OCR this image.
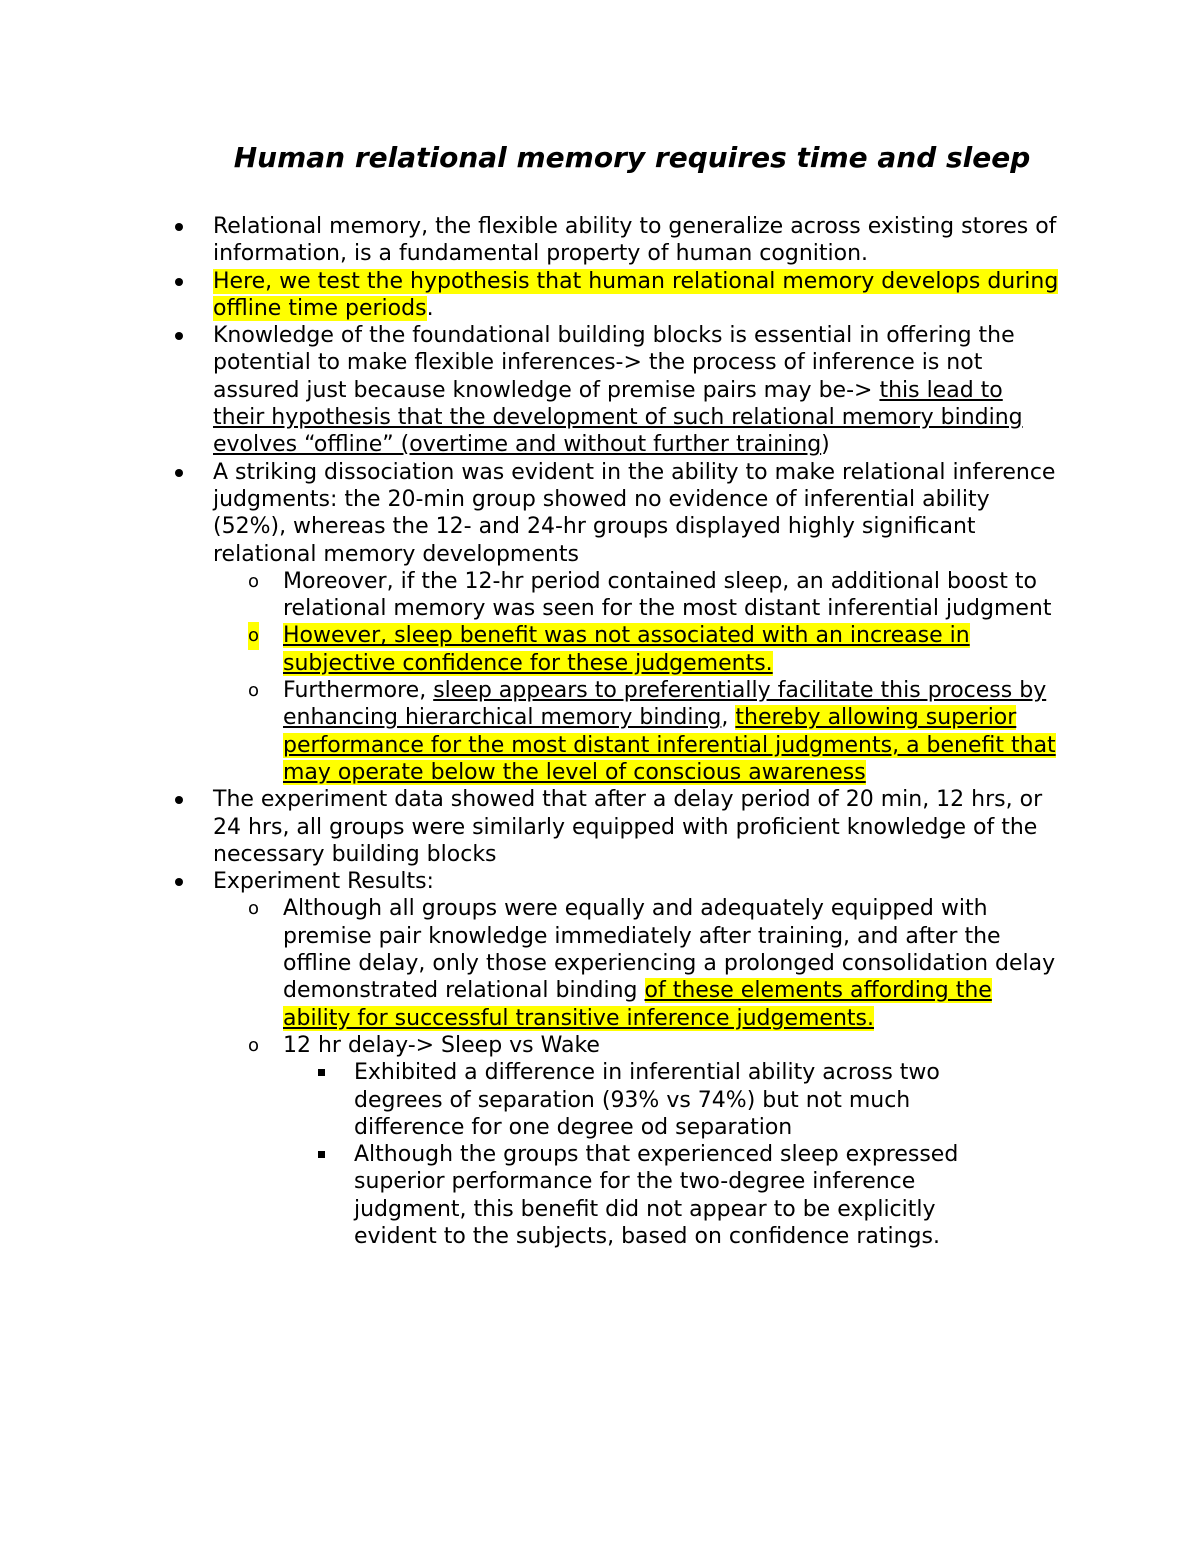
Human relational memory requires time and sleep
Relational memory, the flexible ability to generalize across existing stores of information, is a fundamental property of human cognition.
Here, we test the hypothesis that human relational memory develops during offline time periods.
Knowledge of the foundational building blocks is essential in offering the potential to make flexible inferences-> the process of inference is not assured just because knowledge of premise pairs may be-> this lead to their hypothesis that the development of such relational memory binding evolves “offline” (overtime and without further training)
A striking dissociation was evident in the ability to make relational inference judgments: the 20-min group showed no evidence of inferential ability (52%), whereas the 12- and 24-hr groups displayed highly significant relational memory developments
o Moreover, if the 12-hr period contained sleep, an additional boost to relational memory was seen for the most distant inferential judgment
o However, sleep benefit was not associated with an increase in subjective confidence for these judgements.
o Furthermore, sleep appears to preferentially facilitate this process by enhancing hierarchical memory binding, thereby allowing superior performance for the most distant inferential judgments, a benefit that may operate below the level of conscious awareness
The experiment data showed that after a delay period of 20 min, 12 hrs, or 24 hrs, all groups were similarly equipped with proficient knowledge of the necessary building blocks
Experiment Results:
o Although all groups were equally and adequately equipped with premise pair knowledge immediately after training, and after the offline delay, only those experiencing a prolonged consolidation delay demonstrated relational binding of these elements affording the ability for successful transitive inference judgements.
o 12 hr delay-> Sleep vs Wake
Exhibited a difference in inferential ability across two degrees of separation (93% vs 74%) but not much difference for one degree od separation
Although the groups that experienced sleep expressed superior performance for the two-degree inference judgment, this benefit did not appear to be explicitly evident to the subjects, based on confidence ratings.
